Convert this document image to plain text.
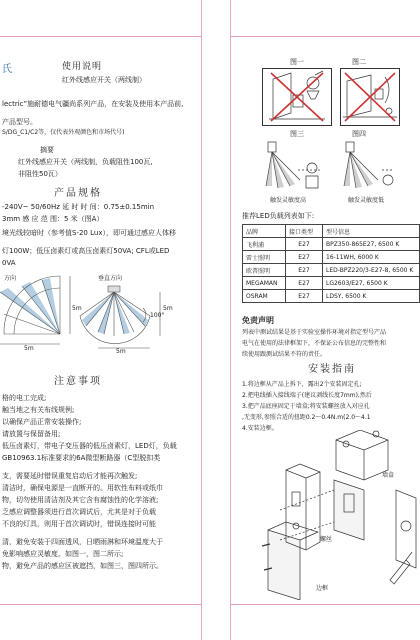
氏	使用说明
红外线感应开关（两线制）
lectric”施耐德电气疆尚系列产品，在安装及使用本产品前,
产品型号。
S/DG_C1/C2等，仅代表外观颜色和市场代号)
摘要
红外线感应开关（两线制，负载阻性100瓦,
非阻性50瓦）
产品规格
-240V~ 50/60Hz 延 时 时 间：0.75±0.15min
3mm 感 应 范 围：5 米（图A）
境光线较暗时（参考值S-20 Lux），即可通过感应人体移
灯100W；低压卤素灯或高压卤素灯50VA; CFL或LED
0VA
方向	垂直方向
100°
5m
5m
5m
5m
注意事项
格的电工完成;
触当地之有关布线规例;
以确保产品正常安装操作;
请放置与保留备用;
低压卤素灯，带电子变压器的低压卤素灯，LED灯，负载
GB10963.1标准要求的6A微型断路器（C型脱扣类
支，需要延时错误重复启动后才能再次触发;
清洁时，确保电源是一直断开的。用软性布料或纸巾
物，切勿使用清洁剂及其它含有腐蚀性的化学溶液;
乏感应调整器须进行首次调试后，尤其是对于负载
不良的灯具，则用于首次调试时，错误连接时可能
清，避免安装于四面透风，日晒雨淋和环境温度大于
免影响感应灵敏度。如图一，图二所示;
物，避免产品的感应区被遮挡，如图三，图四所示。
图一	图二
图三	图四
触发灵敏度高	触发灵敏度低
推荐LED负载列表如下:
品牌	接口类型	型号信息
飞利浦	E27	BPZ350-865E27, 6500 K
雷士照明	E27	16-11WH, 6000 K
欧普照明	E27	LED-BPZ220/3-E27-8, 6500 K
MEGAMAN	E27	LG2603/E27, 6500 K
OSRAM	E27	LDSY, 6500 K
免责声明
列表中测试结果是基于实验室操作环境对指定型号产品
电气在使用的法律框架下，不保证公布信息的完整性和
续使用跟测试结果不符的责任。
安装指南
1.将边框从产品上拆下，露出2个安装固定孔;
2.把电线插入接线端子(建议剥线长度7mm),然后
3.把产品底座固定于墙盒;将安装螺丝放入对应孔
,无变形,参照合适的扭距0.2～0.4N.m(2.0～4.1
4.安装边框。
墙盒
螺丝
边框
